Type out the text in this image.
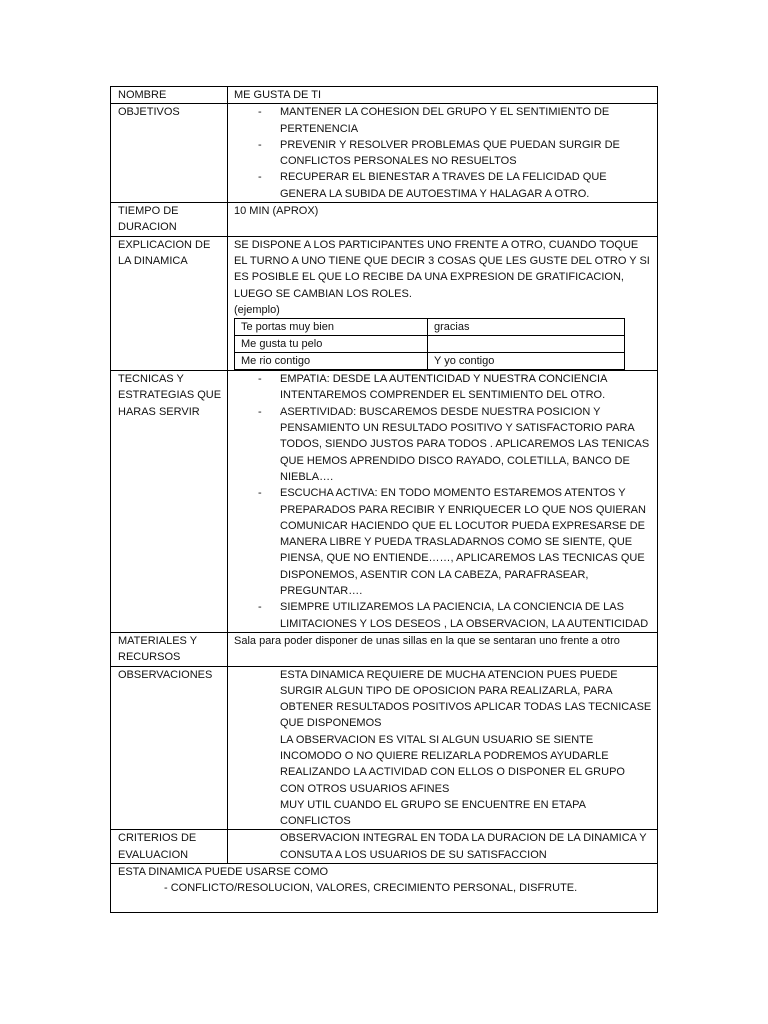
NOMBRE	ME GUSTA DE TI
OBJETIVOS	
-MANTENER LA COHESION DEL GRUPO Y EL SENTIMIENTO DE PERTENENCIA
- PREVENIR Y RESOLVER PROBLEMAS QUE PUEDAN SURGIR DE CONFLICTOS PERSONALES NO RESUELTOS
- RECUPERAR EL BIENESTAR A TRAVES DE LA FELICIDAD QUE GENERA LA SUBIDA DE AUTOESTIMA Y HALAGAR A OTRO.

TIEMPO DE DURACION	10 MIN (APROX)
EXPLICACION DE LA DINAMICA	
SE DISPONE A LOS PARTICIPANTES UNO FRENTE A OTRO, CUANDO TOQUE EL TURNO A UNO TIENE QUE DECIR 3 COSAS QUE LES GUSTE DEL OTRO Y SI ES POSIBLE EL QUE LO RECIBE DA UNA EXPRESION DE GRATIFICACION, LUEGO SE CAMBIAN LOS ROLES.
(ejemplo)
Te portas muy bien	gracias
Me gusta tu pelo	
Me rio contigo	Y yo contigo

TECNICAS Y ESTRATEGIAS QUE HARAS SERVIR	
- EMPATIA: DESDE LA AUTENTICIDAD Y NUESTRA CONCIENCIA INTENTAREMOS COMPRENDER EL SENTIMIENTO DEL OTRO.
- ASERTIVIDAD: BUSCAREMOS DESDE NUESTRA POSICION Y PENSAMIENTO UN RESULTADO POSITIVO Y SATISFACTORIO PARA TODOS, SIENDO JUSTOS PARA TODOS . APLICAREMOS LAS TENICAS QUE HEMOS APRENDIDO DISCO RAYADO, COLETILLA, BANCO DE NIEBLA….
- ESCUCHA ACTIVA: EN TODO MOMENTO ESTAREMOS ATENTOS Y PREPARADOS PARA RECIBIR Y ENRIQUECER LO QUE NOS QUIERAN COMUNICAR HACIENDO QUE EL LOCUTOR PUEDA EXPRESARSE DE MANERA LIBRE Y PUEDA TRASLADARNOS COMO SE SIENTE, QUE PIENSA, QUE NO ENTIENDE……, APLICAREMOS LAS TECNICAS QUE DISPONEMOS, ASENTIR CON LA CABEZA, PARAFRASEAR, PREGUNTAR….
- SIEMPRE UTILIZAREMOS LA PACIENCIA, LA CONCIENCIA DE LAS LIMITACIONES Y LOS DESEOS , LA OBSERVACION, LA AUTENTICIDAD

MATERIALES Y RECURSOS	Sala para poder disponer de unas sillas en la que se sentaran uno frente a otro
OBSERVACIONES	ESTA DINAMICA REQUIERE DE MUCHA ATENCION PUES PUEDE SURGIR ALGUN TIPO DE OPOSICION PARA REALIZARLA, PARA OBTENER RESULTADOS POSITIVOS APLICAR TODAS LAS TECNICASE QUE DISPONEMOS
LA OBSERVACION ES VITAL SI ALGUN USUARIO SE SIENTE INCOMODO O NO QUIERE RELIZARLA PODREMOS AYUDARLE REALIZANDO LA ACTIVIDAD CON ELLOS O DISPONER EL GRUPO CON OTROS USUARIOS AFINES
MUY UTIL CUANDO EL GRUPO SE ENCUENTRE EN ETAPA CONFLICTOS

CRITERIOS DE EVALUACION	
OBSERVACION INTEGRAL EN TODA LA DURACION DE LA DINAMICA Y CONSUTA A LOS USUARIOS DE SU SATISFACCION

ESTA DINAMICA PUEDE USARSE COMO
- CONFLICTO/RESOLUCION, VALORES, CRECIMIENTO PERSONAL, DISFRUTE.
